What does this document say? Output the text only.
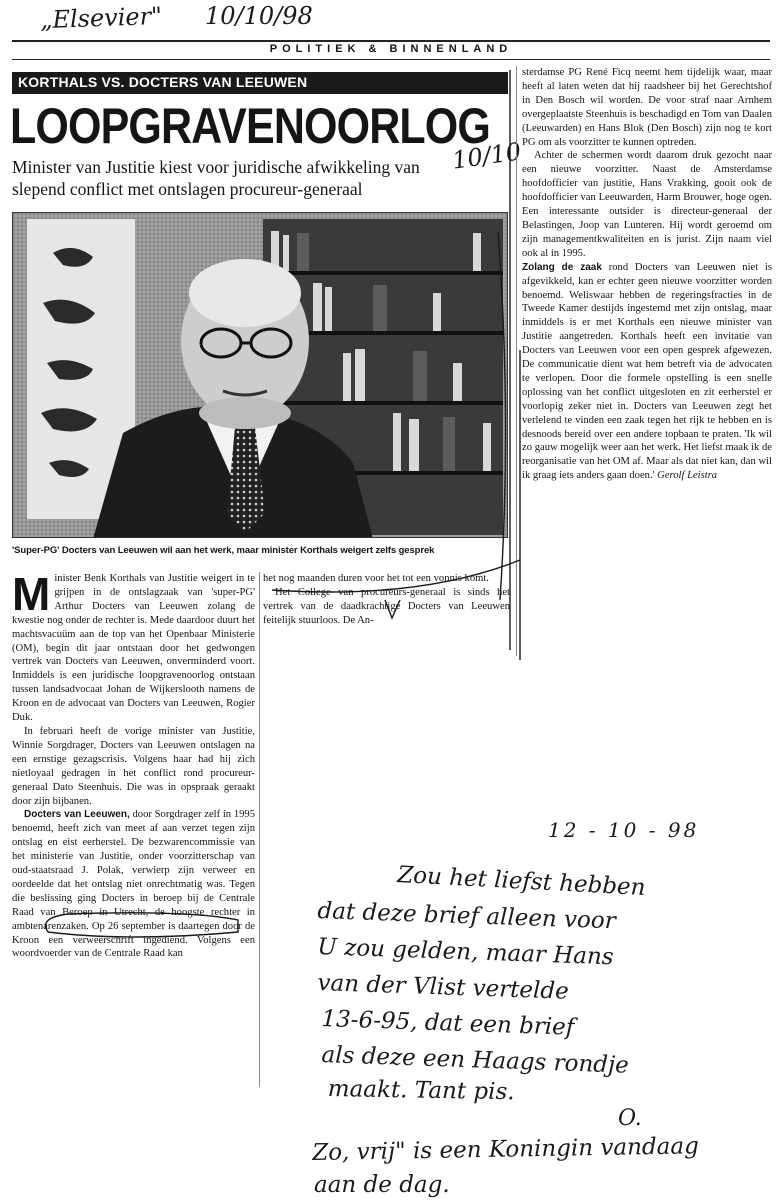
„Elsevier" 10/10/98
POLITIEK & BINNENLAND
KORTHALS VS. DOCTERS VAN LEEUWEN
LOOPGRAVENOORLOG
Minister van Justitie kiest voor juridische afwikkeling van slepend conflict met ontslagen procureur-generaal
10/10
'Super-PG' Docters van Leeuwen wil aan het werk, maar minister Korthals weigert zelfs gesprek

Minister Benk Korthals van Justitie weigert in te grijpen in de ontslagzaak van 'super-PG' Arthur Docters van Leeuwen zolang de kwestie nog onder de rechter is. Mede daardoor duurt het machtsvacuüm aan de top van het Openbaar Ministerie (OM), begin dit jaar ontstaan door het gedwongen vertrek van Docters van Leeuwen, onverminderd voort. Inmiddels is een juridische loopgravenoorlog ontstaan tussen landsadvocaat Johan de Wijkerslooth namens de Kroon en de advocaat van Docters van Leeuwen, Rogier Duk.

In februari heeft de vorige minister van Justitie, Winnie Sorgdrager, Docters van Leeuwen ontslagen na een ernstige gezagscrisis. Volgens haar had hij zich nietloyaal gedragen in het conflict rond procureur-generaal Dato Steenhuis. Die was in opspraak geraakt door zijn bijbanen.

Docters van Leeuwen, door Sorgdrager zelf in 1995 benoemd, heeft zich van meet af aan verzet tegen zijn ontslag en eist eerherstel. De bezwarencommissie van het ministerie van Justitie, onder voorzitterschap van oud-staatsraad J. Polak, verwierp zijn verweer en oordeelde dat het ontslag niet onrechtmatig was. Tegen die beslissing ging Docters in beroep bij de Centrale Raad van Beroep in Utrecht, de hoogste rechter in ambtenarenzaken. Op 26 september is daartegen door de Kroon een verweerschrift ingediend. Volgens een woordvoerder van de Centrale Raad kan

het nog maanden duren voor het tot een vonnis komt.

Het College van procureurs-generaal is sinds het vertrek van de daadkrachtige Docters van Leeuwen feitelijk stuurloos. De An-

sterdamse PG René Ficq neemt hem tijdelijk waar, maar heeft al laten weten dat hij raadsheer bij het Gerechtshof in Den Bosch wil worden. De voor straf naar Arnhem overgeplaatste Steenhuis is beschadigd en Tom van Daalen (Leeuwarden) en Hans Blok (Den Bosch) zijn nog te kort PG om als voorzitter te kunnen optreden.

Achter de schermen wordt daarom druk gezocht naar een nieuwe voorzitter. Naast de Amsterdamse hoofdofficier van justitie, Hans Vrakking, gooit ook de hoofdofficier van Leeuwarden, Harm Brouwer, hoge ogen. Een interessante outsider is directeur-generaal der Belastingen, Joop van Lunteren. Hij wordt geroemd om zijn managementkwaliteiten en is jurist. Zijn naam viel ook al in 1995.

Zolang de zaak rond Docters van Leeuwen niet is afgevikkeld, kan er echter geen nieuwe voorzitter worden benoemd. Weliswaar hebben de regeringsfracties in de Tweede Kamer destijds ingestemd met zijn ontslag, maar inmiddels is er met Korthals een nieuwe minister van Justitie aangetreden. Korthals heeft een invitatie van Docters van Leeuwen voor een open gesprek afgewezen. De communicatie dient wat hem betreft via de advocaten te verlopen. Door die formele opstelling is een snelle oplossing van het conflict uitgesloten en zit eerherstel er voorlopig zeker niet in. Docters van Leeuwen zegt het verlelend te vinden een zaak tegen het rijk te hebben en is desnoods bereid over een andere topbaan te praten. 'Ik wil zo gauw mogelijk weer aan het werk. Het liefst maak ik de reorganisatie van het OM af. Maar als dat niet kan, dan wil ik graag iets anders gaan doen.' Gerolf Leistra

12 - 10 - 98
Zou het liefst hebben
dat deze brief alleen voor
U zou gelden, maar Hans
van der Vlist vertelde
13-6-95, dat een brief
als deze een Haags rondje
maakt. Tant pis.
O.
Zo, vrij" is een Koningin vandaag
aan de dag.
